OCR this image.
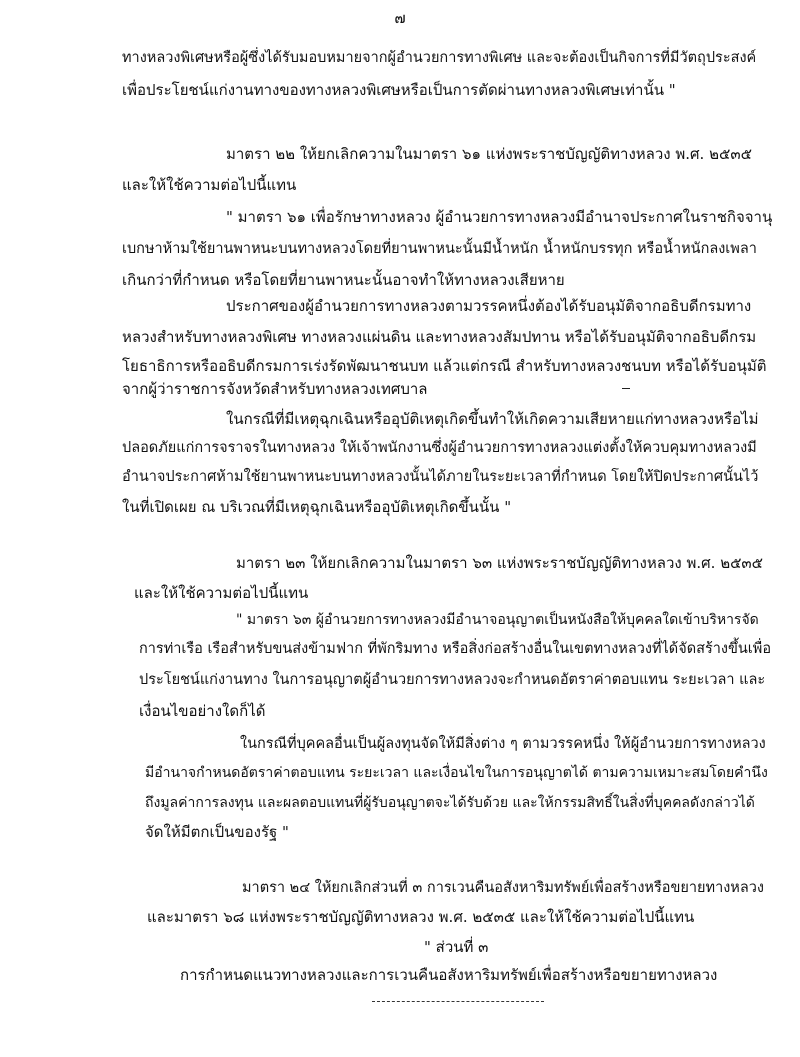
๗
ทางหลวงพิเศษหรือผู้ซึ่งได้รับมอบหมายจากผู้อำนวยการทางพิเศษ และจะต้องเป็นกิจการที่มีวัตถุประสงค์
เพื่อประโยชน์แก่งานทางของทางหลวงพิเศษหรือเป็นการตัดผ่านทางหลวงพิเศษเท่านั้น "
มาตรา ๒๒ ให้ยกเลิกความในมาตรา ๖๑ แห่งพระราชบัญญัติทางหลวง พ.ศ. ๒๕๓๕
และให้ใช้ความต่อไปนี้แทน
" มาตรา ๖๑ เพื่อรักษาทางหลวง ผู้อำนวยการทางหลวงมีอำนาจประกาศในราชกิจจานุ
เบกษาห้ามใช้ยานพาหนะบนทางหลวงโดยที่ยานพาหนะนั้นมีน้ำหนัก น้ำหนักบรรทุก หรือน้ำหนักลงเพลา
เกินกว่าที่กำหนด หรือโดยที่ยานพาหนะนั้นอาจทำให้ทางหลวงเสียหาย
ประกาศของผู้อำนวยการทางหลวงตามวรรคหนึ่งต้องได้รับอนุมัติจากอธิบดีกรมทาง
หลวงสำหรับทางหลวงพิเศษ ทางหลวงแผ่นดิน และทางหลวงสัมปทาน หรือได้รับอนุมัติจากอธิบดีกรม
โยธาธิการหรืออธิบดีกรมการเร่งรัดพัฒนาชนบท แล้วแต่กรณี สำหรับทางหลวงชนบท หรือได้รับอนุมัติ
จากผู้ว่าราชการจังหวัดสำหรับทางหลวงเทศบาล
ในกรณีที่มีเหตุฉุกเฉินหรืออุบัติเหตุเกิดขึ้นทำให้เกิดความเสียหายแก่ทางหลวงหรือไม่
ปลอดภัยแก่การจราจรในทางหลวง ให้เจ้าพนักงานซึ่งผู้อำนวยการทางหลวงแต่งตั้งให้ควบคุมทางหลวงมี
อำนาจประกาศห้ามใช้ยานพาหนะบนทางหลวงนั้นได้ภายในระยะเวลาที่กำหนด โดยให้ปิดประกาศนั้นไว้
ในที่เปิดเผย ณ บริเวณที่มีเหตุฉุกเฉินหรืออุบัติเหตุเกิดขึ้นนั้น "
มาตรา ๒๓ ให้ยกเลิกความในมาตรา ๖๓ แห่งพระราชบัญญัติทางหลวง พ.ศ. ๒๕๓๕
และให้ใช้ความต่อไปนี้แทน
" มาตรา ๖๓ ผู้อำนวยการทางหลวงมีอำนาจอนุญาตเป็นหนังสือให้บุคคลใดเข้าบริหารจัด
การท่าเรือ เรือสำหรับขนส่งข้ามฟาก ที่พักริมทาง หรือสิ่งก่อสร้างอื่นในเขตทางหลวงที่ได้จัดสร้างขึ้นเพื่อ
ประโยชน์แก่งานทาง ในการอนุญาตผู้อำนวยการทางหลวงจะกำหนดอัตราค่าตอบแทน ระยะเวลา และ
เงื่อนไขอย่างใดก็ได้
ในกรณีที่บุคคลอื่นเป็นผู้ลงทุนจัดให้มีสิ่งต่าง ๆ ตามวรรคหนึ่ง ให้ผู้อำนวยการทางหลวง
มีอำนาจกำหนดอัตราค่าตอบแทน ระยะเวลา และเงื่อนไขในการอนุญาตได้ ตามความเหมาะสมโดยคำนึง
ถึงมูลค่าการลงทุน และผลตอบแทนที่ผู้รับอนุญาตจะได้รับด้วย และให้กรรมสิทธิ์ในสิ่งที่บุคคลดังกล่าวได้
จัดให้มีตกเป็นของรัฐ "
มาตรา ๒๔ ให้ยกเลิกส่วนที่ ๓ การเวนคืนอสังหาริมทรัพย์เพื่อสร้างหรือขยายทางหลวง
และมาตรา ๖๘ แห่งพระราชบัญญัติทางหลวง พ.ศ. ๒๕๓๕ และให้ใช้ความต่อไปนี้แทน
" ส่วนที่ ๓
การกำหนดแนวทางหลวงและการเวนคืนอสังหาริมทรัพย์เพื่อสร้างหรือขยายทางหลวง
